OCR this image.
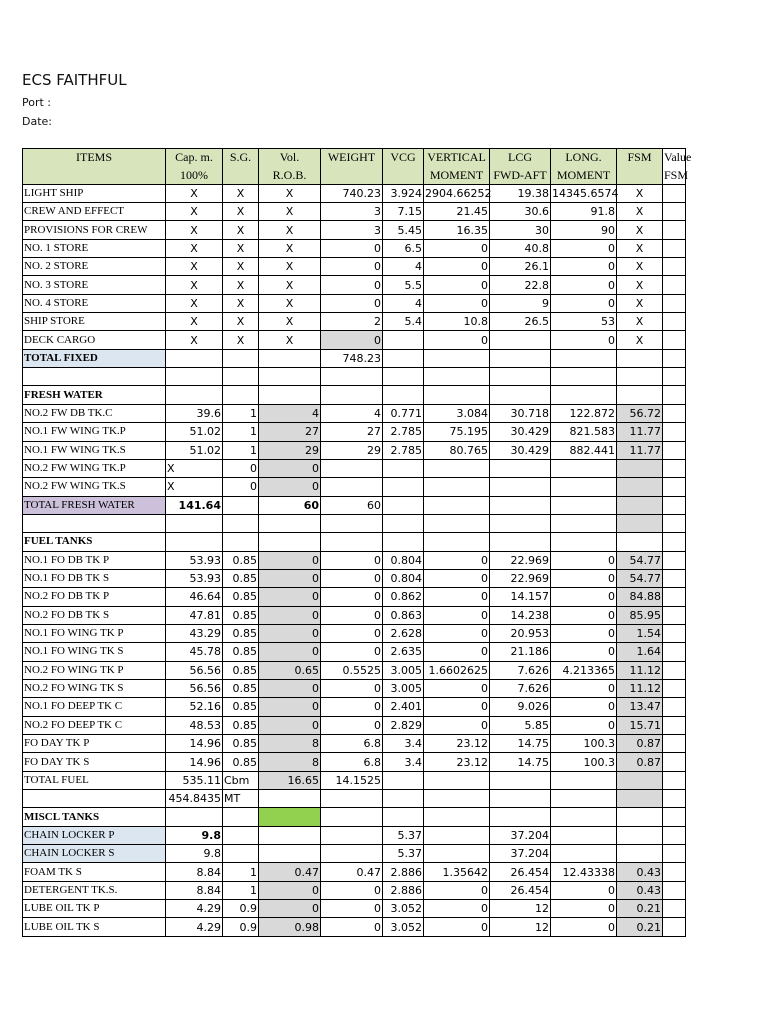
ECS FAITHFUL
Port :
Date:
ITEMS	Cap. m.	S.G.	Vol.	WEIGHT	VCG	VERTICAL	LCG	LONG.	FSM	Value
	100%		R.O.B.			MOMENT	FWD-AFT	MOMENT		FSM
LIGHT SHIP	X	X	X	740.23	3.924	2904.66252	19.38	14345.6574	X	
CREW AND EFFECT	X	X	X	3	7.15	21.45	30.6	91.8	X	
PROVISIONS FOR CREW	X	X	X	3	5.45	16.35	30	90	X	
NO. 1 STORE	X	X	X	0	6.5	0	40.8	0	X	
NO. 2 STORE	X	X	X	0	4	0	26.1	0	X	
NO. 3 STORE	X	X	X	0	5.5	0	22.8	0	X	
NO. 4 STORE	X	X	X	0	4	0	9	0	X	
SHIP STORE	X	X	X	2	5.4	10.8	26.5	53	X	
DECK CARGO	X	X	X	0		0		0	X	
TOTAL FIXED				748.23						

FRESH WATER										
NO.2 FW DB TK.C	39.6	1	4	4	0.771	3.084	30.718	122.872	56.72	
NO.1 FW WING TK.P	51.02	1	27	27	2.785	75.195	30.429	821.583	11.77	
NO.1 FW WING TK.S	51.02	1	29	29	2.785	80.765	30.429	882.441	11.77	
NO.2 FW WING TK.P	X	0	0							
NO.2 FW WING TK.S	X	0	0							
TOTAL FRESH WATER	141.64		60	60						

FUEL TANKS										
NO.1 FO DB TK P	53.93	0.85	0	0	0.804	0	22.969	0	54.77	
NO.1 FO DB TK S	53.93	0.85	0	0	0.804	0	22.969	0	54.77	
NO.2 FO DB TK P	46.64	0.85	0	0	0.862	0	14.157	0	84.88	
NO.2 FO DB TK S	47.81	0.85	0	0	0.863	0	14.238	0	85.95	
NO.1 FO WING TK P	43.29	0.85	0	0	2.628	0	20.953	0	1.54	
NO.1 FO WING TK S	45.78	0.85	0	0	2.635	0	21.186	0	1.64	
NO.2 FO WING TK P	56.56	0.85	0.65	0.5525	3.005	1.6602625	7.626	4.213365	11.12	
NO.2 FO WING TK S	56.56	0.85	0	0	3.005	0	7.626	0	11.12	
NO.1 FO DEEP TK C	52.16	0.85	0	0	2.401	0	9.026	0	13.47	
NO.2 FO DEEP TK C	48.53	0.85	0	0	2.829	0	5.85	0	15.71	
FO DAY TK P	14.96	0.85	8	6.8	3.4	23.12	14.75	100.3	0.87	
FO DAY TK S	14.96	0.85	8	6.8	3.4	23.12	14.75	100.3	0.87	
TOTAL FUEL	535.11	Cbm	16.65	14.1525						
	454.8435	MT								
MISCL TANKS										
CHAIN LOCKER P	9.8				5.37		37.204			
CHAIN LOCKER S	9.8				5.37		37.204			
FOAM TK S	8.84	1	0.47	0.47	2.886	1.35642	26.454	12.43338	0.43	
DETERGENT TK.S.	8.84	1	0	0	2.886	0	26.454	0	0.43	
LUBE OIL TK P	4.29	0.9	0	0	3.052	0	12	0	0.21	
LUBE OIL TK S	4.29	0.9	0.98	0	3.052	0	12	0	0.21	
